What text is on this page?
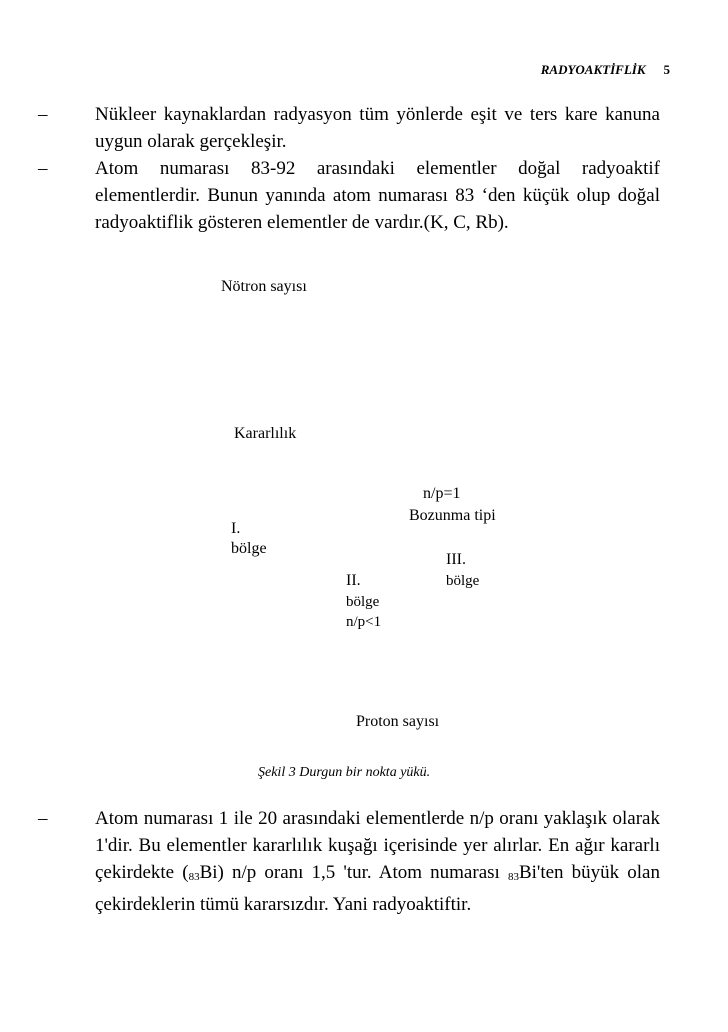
RADYOAKTİFLİK 5
–	Nükleer kaynaklardan radyasyon tüm yönlerde eşit ve ters kare kanuna uygun olarak gerçekleşir.
–	Atom numarası 83-92 arasındaki elementler doğal radyoaktif elementlerdir. Bunun yanında atom numarası 83 ‘den küçük olup doğal radyoaktiflik gösteren elementler de vardır.(K, C, Rb).
Nötron sayısı
Kararlılık
n/p=1
Bozunma tipi
I.
bölge
III.
bölge
II.
bölge
n/p<1
Proton sayısı
Şekil 3 Durgun bir nokta yükü.
–	Atom numarası 1 ile 20 arasındaki elementlerde n/p oranı yaklaşık olarak 1'dir. Bu elementler kararlılık kuşağı içerisinde yer alırlar. En ağır kararlı çekirdekte $(_{83}Bi)$ n/p oranı 1,5 'tur. Atom numarası $_{83}$Bi'ten büyük olan çekirdeklerin tümü kararsızdır. Yani radyoaktiftir.
